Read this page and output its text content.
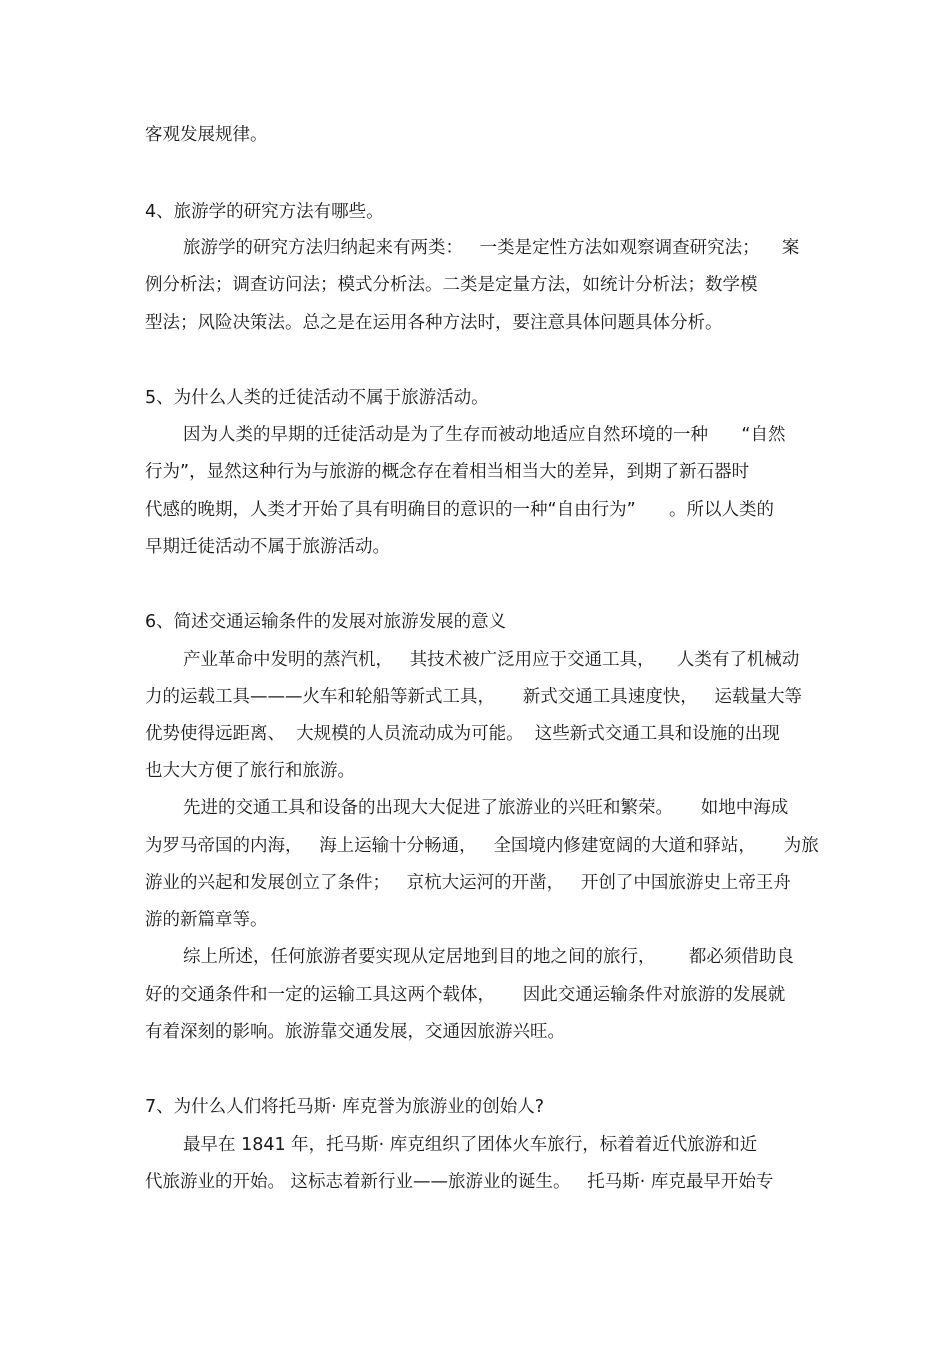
客观发展规律。

4、旅游学的研究方法有哪些。

旅游学的研究方法归纳起来有两类：   一类是定性方法如观察调查研究法；    案

例分析法；调查访问法；模式分析法。二类是定量方法，如统计分析法；数学模

型法；风险决策法。总之是在运用各种方法时，要注意具体问题具体分析。

5、为什么人类的迁徒活动不属于旅游活动。

因为人类的早期的迁徒活动是为了生存而被动地适应自然环境的一种      “自然

行为”，显然这种行为与旅游的概念存在着相当相当大的差异，到期了新石器时

代感的晚期，人类才开始了具有明确目的意识的一种“自由行为”      。所以人类的

早期迁徒活动不属于旅游活动。

6、简述交通运输条件的发展对旅游发展的意义

产业革命中发明的蒸汽机，   其技术被广泛用应于交通工具，    人类有了机械动

力的运载工具———火车和轮船等新式工具，     新式交通工具速度快，   运载量大等

优势使得远距离、  大规模的人员流动成为可能。  这些新式交通工具和设施的出现

也大大方便了旅行和旅游。

先进的交通工具和设备的出现大大促进了旅游业的兴旺和繁荣。     如地中海成

为罗马帝国的内海，   海上运输十分畅通，   全国境内修建宽阔的大道和驿站，     为旅

游业的兴起和发展创立了条件；   京杭大运河的开凿，   开创了中国旅游史上帝王舟

游的新篇章等。

综上所述，任何旅游者要实现从定居地到目的地之间的旅行，      都必须借助良

好的交通条件和一定的运输工具这两个载体，     因此交通运输条件对旅游的发展就

有着深刻的影响。旅游靠交通发展，交通因旅游兴旺。

7、为什么人们将托马斯· 库克誉为旅游业的创始人?

最早在 1841 年，托马斯· 库克组织了团体火车旅行，标着着近代旅游和近

代旅游业的开始。 这标志着新行业——旅游业的诞生。   托马斯· 库克最早开始专
